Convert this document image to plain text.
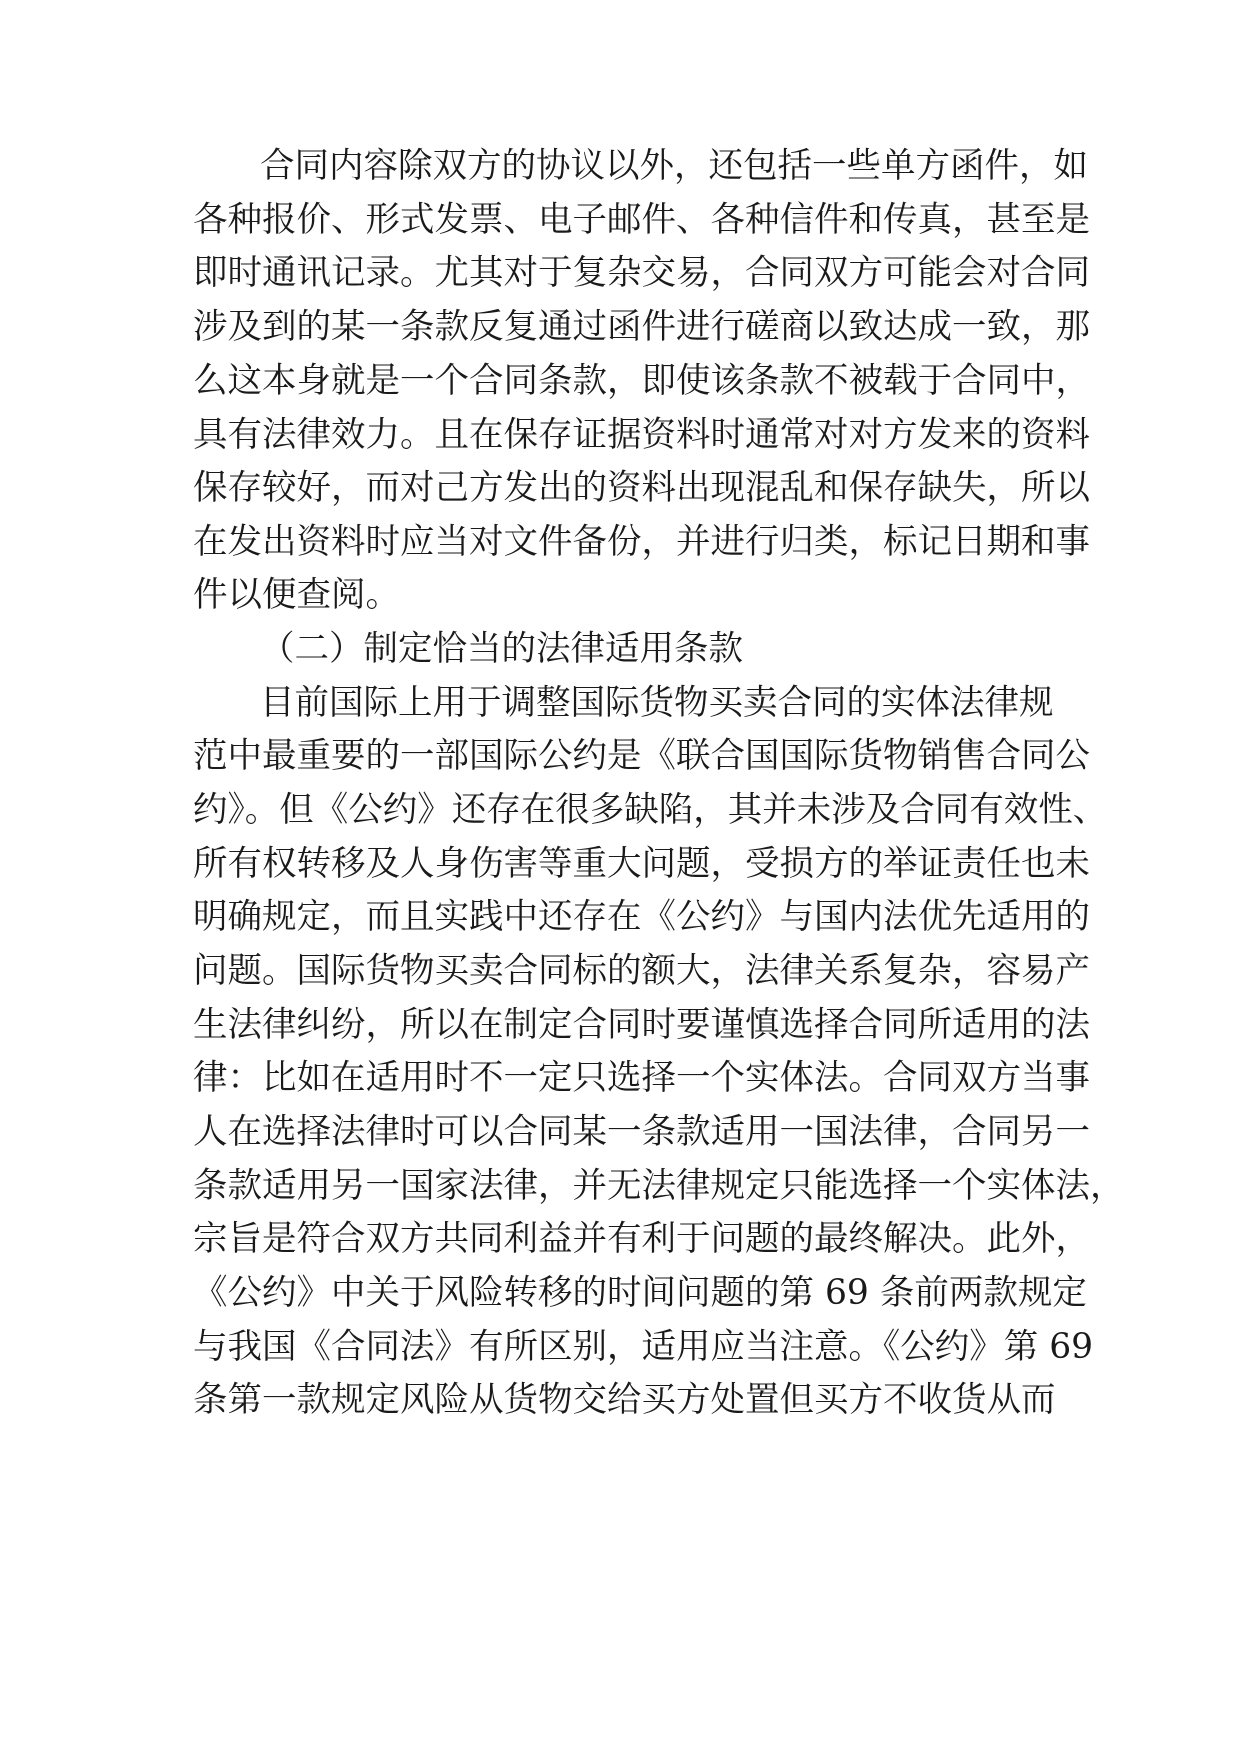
合同内容除双方的协议以外，还包括一些单方函件，如
各种报价、形式发票、电子邮件、各种信件和传真，甚至是
即时通讯记录。尤其对于复杂交易，合同双方可能会对合同
涉及到的某一条款反复通过函件进行磋商以致达成一致，那
么这本身就是一个合同条款，即使该条款不被载于合同中，
具有法律效力。且在保存证据资料时通常对对方发来的资料
保存较好，而对己方发出的资料出现混乱和保存缺失，所以
在发出资料时应当对文件备份，并进行归类，标记日期和事
件以便查阅。
（二）制定恰当的法律适用条款
目前国际上用于调整国际货物买卖合同的实体法律规
范中最重要的一部国际公约是《联合国国际货物销售合同公
约》。但《公约》还存在很多缺陷，其并未涉及合同有效性、
所有权转移及人身伤害等重大问题，受损方的举证责任也未
明确规定，而且实践中还存在《公约》与国内法优先适用的
问题。国际货物买卖合同标的额大，法律关系复杂，容易产
生法律纠纷，所以在制定合同时要谨慎选择合同所适用的法
律：比如在适用时不一定只选择一个实体法。合同双方当事
人在选择法律时可以合同某一条款适用一国法律，合同另一
条款适用另一国家法律，并无法律规定只能选择一个实体法，
宗旨是符合双方共同利益并有利于问题的最终解决。此外，
《公约》中关于风险转移的时间问题的第 69 条前两款规定
与我国《合同法》有所区别，适用应当注意。《公约》第 69
条第一款规定风险从货物交给买方处置但买方不收货从而
